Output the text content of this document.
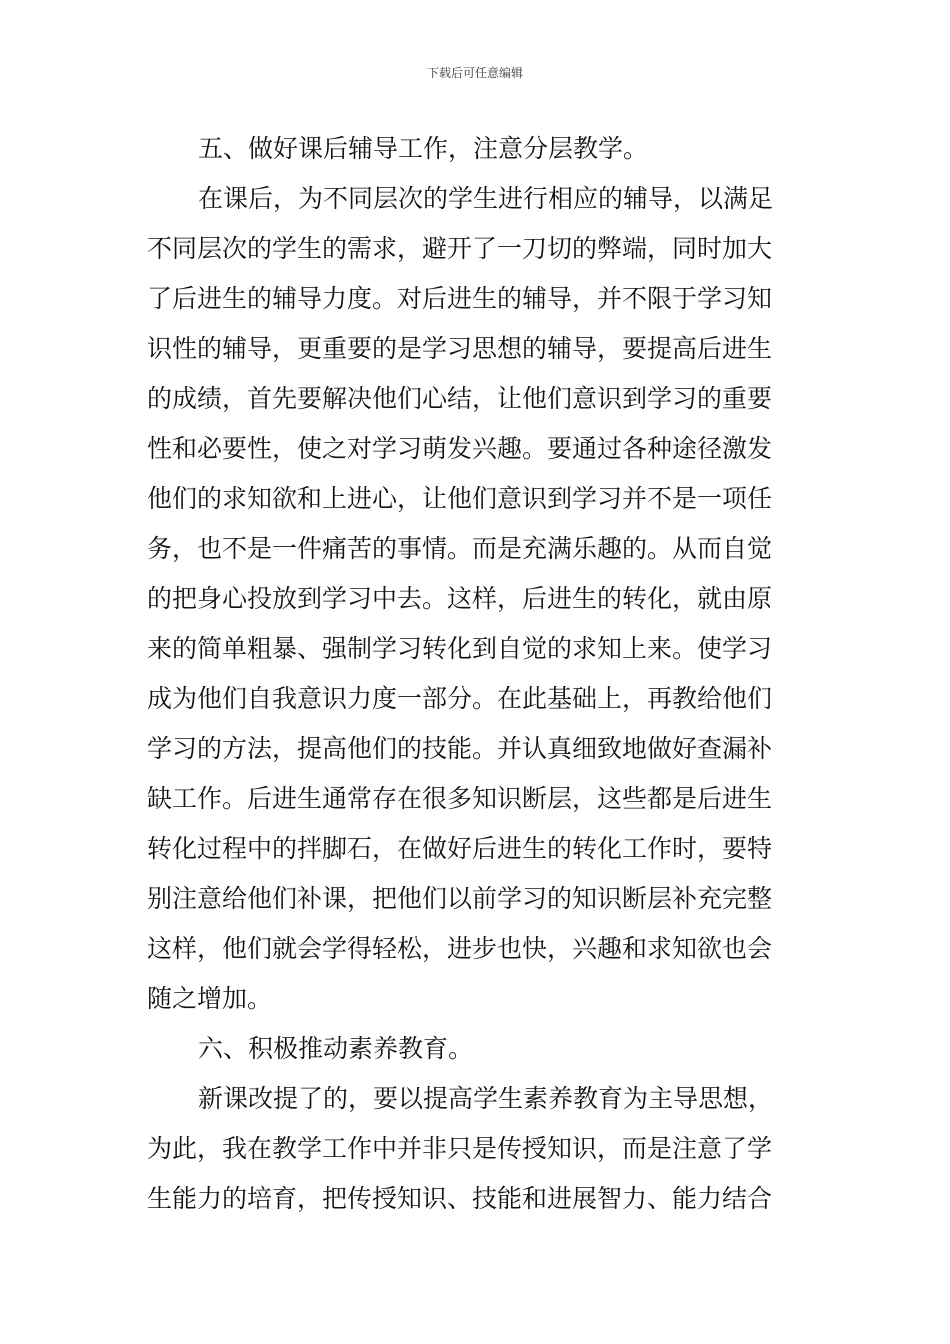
下载后可任意编辑
五、做好课后辅导工作，注意分层教学。
在课后，为不同层次的学生进行相应的辅导，以满足
不同层次的学生的需求，避开了一刀切的弊端，同时加大
了后进生的辅导力度。对后进生的辅导，并不限于学习知
识性的辅导，更重要的是学习思想的辅导，要提高后进生
的成绩，首先要解决他们心结，让他们意识到学习的重要
性和必要性，使之对学习萌发兴趣。要通过各种途径激发
他们的求知欲和上进心，让他们意识到学习并不是一项任
务，也不是一件痛苦的事情。而是充满乐趣的。从而自觉
的把身心投放到学习中去。这样，后进生的转化，就由原
来的简单粗暴、强制学习转化到自觉的求知上来。使学习
成为他们自我意识力度一部分。在此基础上，再教给他们
学习的方法，提高他们的技能。并认真细致地做好查漏补
缺工作。后进生通常存在很多知识断层，这些都是后进生
转化过程中的拌脚石，在做好后进生的转化工作时，要特
别注意给他们补课，把他们以前学习的知识断层补充完整
这样，他们就会学得轻松，进步也快，兴趣和求知欲也会
随之增加。
六、积极推动素养教育。
新课改提了的，要以提高学生素养教育为主导思想，
为此，我在教学工作中并非只是传授知识，而是注意了学
生能力的培育，把传授知识、技能和进展智力、能力结合
